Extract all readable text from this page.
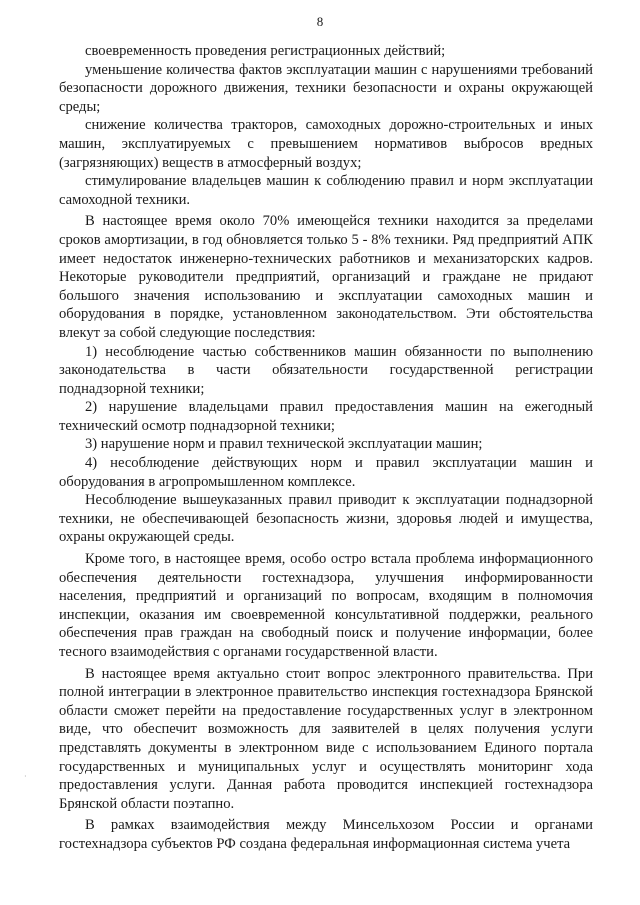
8

своевременность проведения регистрационных действий;

уменьшение количества фактов эксплуатации машин с нарушениями требований безопасности дорожного движения, техники безопасности и охраны окружающей среды;

снижение количества тракторов, самоходных дорожно-строительных и иных машин, эксплуатируемых с превышением нормативов выбросов вредных (загрязняющих) веществ в атмосферный воздух;

стимулирование владельцев машин к соблюдению правил и норм эксплуатации самоходной техники.

В настоящее время около 70% имеющейся техники находится за пределами сроков амортизации, в год обновляется только 5 - 8% техники. Ряд предприятий АПК имеет недостаток инженерно-технических работников и механизаторских кадров. Некоторые руководители предприятий, организаций и граждане не придают большого значения использованию и эксплуатации самоходных машин и оборудования в порядке, установленном законодательством. Эти обстоятельства влекут за собой следующие последствия:

1) несоблюдение частью собственников машин обязанности по выполнению законодательства в части обязательности государственной регистрации поднадзорной техники;

2) нарушение владельцами правил предоставления машин на ежегодный технический осмотр поднадзорной техники;

3) нарушение норм и правил технической эксплуатации машин;

4) несоблюдение действующих норм и правил эксплуатации машин и оборудования в агропромышленном комплексе.

Несоблюдение вышеуказанных правил приводит к эксплуатации поднадзорной техники, не обеспечивающей безопасность жизни, здоровья людей и имущества, охраны окружающей среды.

Кроме того, в настоящее время, особо остро встала проблема информационного обеспечения деятельности гостехнадзора, улучшения информированности населения, предприятий и организаций по вопросам, входящим в полномочия инспекции, оказания им своевременной консультативной поддержки, реального обеспечения прав граждан на свободный поиск и получение информации, более тесного взаимодействия с органами государственной власти.

В настоящее время актуально стоит вопрос электронного правительства. При полной интеграции в электронное правительство инспекция гостехнадзора Брянской области сможет перейти на предоставление государственных услуг в электронном виде, что обеспечит возможность для заявителей в целях получения услуги представлять документы в электронном виде с использованием Единого портала государственных и муниципальных услуг и осуществлять мониторинг хода предоставления услуги. Данная работа проводится инспекцией гостехнадзора Брянской области поэтапно.

В рамках взаимодействия между Минсельхозом России и органами гостехнадзора субъектов РФ создана федеральная информационная система учета

·
